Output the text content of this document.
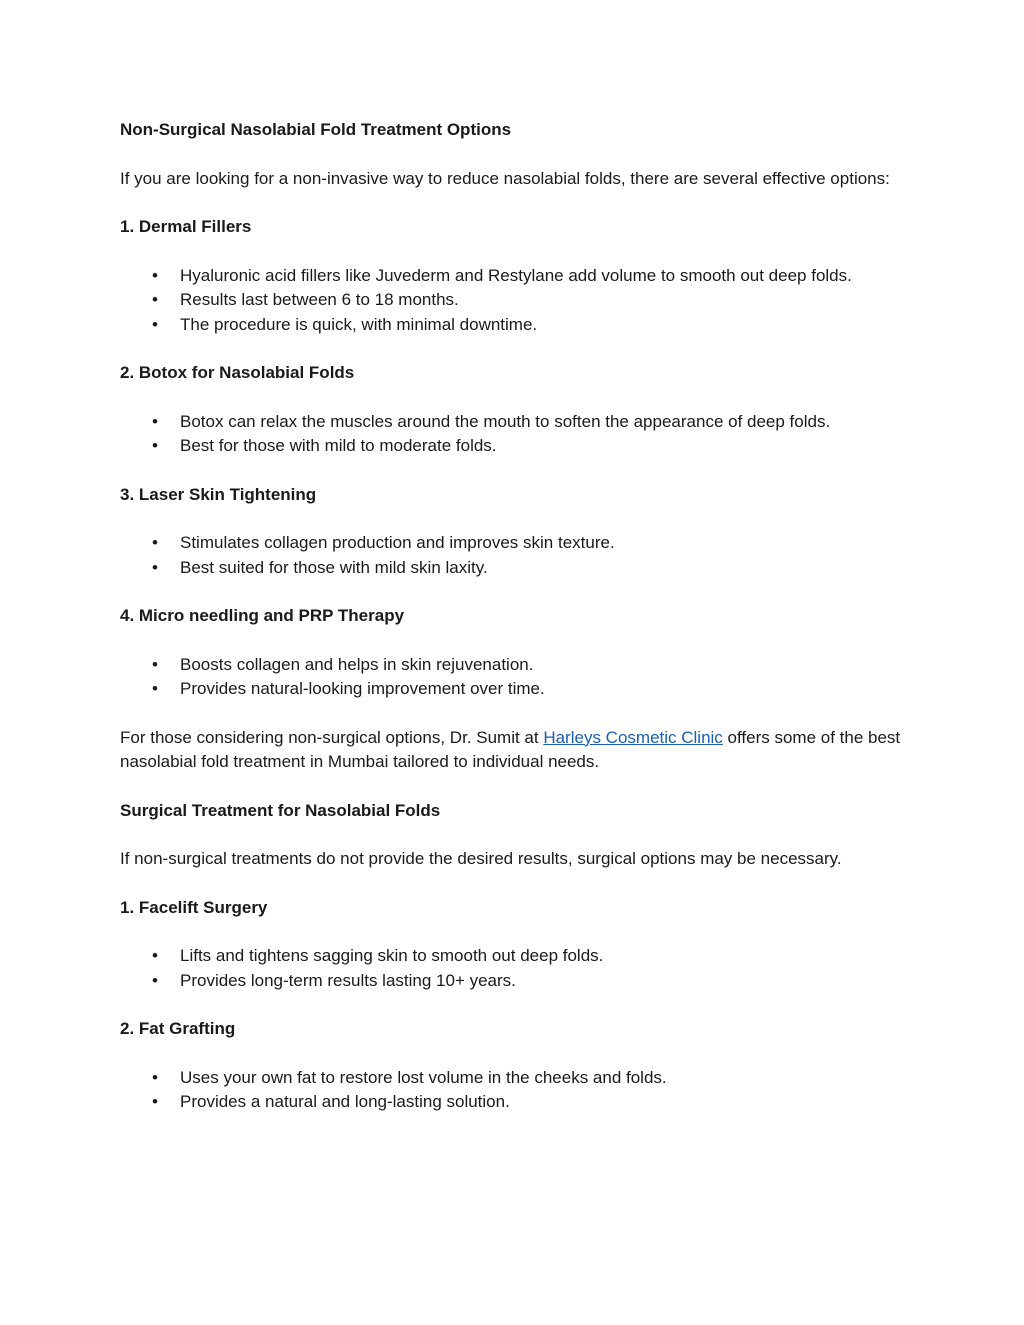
Non-Surgical Nasolabial Fold Treatment Options

If you are looking for a non-invasive way to reduce nasolabial folds, there are several effective options:

1. Dermal Fillers

• Hyaluronic acid fillers like Juvederm and Restylane add volume to smooth out deep folds.
• Results last between 6 to 18 months.
• The procedure is quick, with minimal downtime.

2. Botox for Nasolabial Folds

• Botox can relax the muscles around the mouth to soften the appearance of deep folds.
• Best for those with mild to moderate folds.

3. Laser Skin Tightening

• Stimulates collagen production and improves skin texture.
• Best suited for those with mild skin laxity.

4. Micro needling and PRP Therapy

• Boosts collagen and helps in skin rejuvenation.
• Provides natural-looking improvement over time.

For those considering non-surgical options, Dr. Sumit at Harleys Cosmetic Clinic offers some of the best nasolabial fold treatment in Mumbai tailored to individual needs.

Surgical Treatment for Nasolabial Folds

If non-surgical treatments do not provide the desired results, surgical options may be necessary.

1. Facelift Surgery

• Lifts and tightens sagging skin to smooth out deep folds.
• Provides long-term results lasting 10+ years.

2. Fat Grafting

• Uses your own fat to restore lost volume in the cheeks and folds.
• Provides a natural and long-lasting solution.
